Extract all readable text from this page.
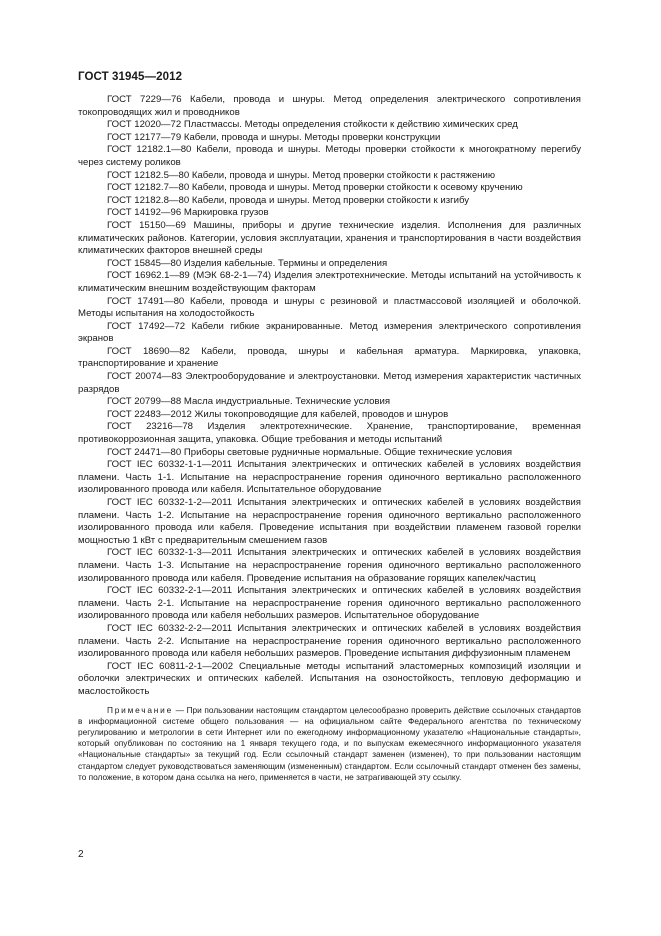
ГОСТ 31945—2012

ГОСТ 7229—76 Кабели, провода и шнуры. Метод определения электрического сопротивления токопроводящих жил и проводников

ГОСТ 12020—72 Пластмассы. Методы определения стойкости к действию химических сред

ГОСТ 12177—79 Кабели, провода и шнуры. Методы проверки конструкции

ГОСТ 12182.1—80 Кабели, провода и шнуры. Методы проверки стойкости к многократному перегибу через систему роликов

ГОСТ 12182.5—80 Кабели, провода и шнуры. Метод проверки стойкости к растяжению

ГОСТ 12182.7—80 Кабели, провода и шнуры. Метод проверки стойкости к осевому кручению

ГОСТ 12182.8—80 Кабели, провода и шнуры. Метод проверки стойкости к изгибу

ГОСТ 14192—96 Маркировка грузов

ГОСТ 15150—69 Машины, приборы и другие технические изделия. Исполнения для различных климатических районов. Категории, условия эксплуатации, хранения и транспортирования в части воздействия климатических факторов внешней среды

ГОСТ 15845—80 Изделия кабельные. Термины и определения

ГОСТ 16962.1—89 (МЭК 68-2-1—74) Изделия электротехнические. Методы испытаний на устойчивость к климатическим внешним воздействующим факторам

ГОСТ 17491—80 Кабели, провода и шнуры с резиновой и пластмассовой изоляцией и оболочкой. Методы испытания на холодостойкость

ГОСТ 17492—72 Кабели гибкие экранированные. Метод измерения электрического сопротивления экранов

ГОСТ 18690—82 Кабели, провода, шнуры и кабельная арматура. Маркировка, упаковка, транспортирование и хранение

ГОСТ 20074—83 Электрооборудование и электроустановки. Метод измерения характеристик частичных разрядов

ГОСТ 20799—88 Масла индустриальные. Технические условия

ГОСТ 22483—2012 Жилы токопроводящие для кабелей, проводов и шнуров

ГОСТ 23216—78 Изделия электротехнические. Хранение, транспортирование, временная противокоррозионная защита, упаковка. Общие требования и методы испытаний

ГОСТ 24471—80 Приборы световые рудничные нормальные. Общие технические условия

ГОСТ IEC 60332-1-1—2011 Испытания электрических и оптических кабелей в условиях воздействия пламени. Часть 1-1. Испытание на нераспространение горения одиночного вертикально расположенного изолированного провода или кабеля. Испытательное оборудование

ГОСТ IEC 60332-1-2—2011 Испытания электрических и оптических кабелей в условиях воздействия пламени. Часть 1-2. Испытание на нераспространение горения одиночного вертикально расположенного изолированного провода или кабеля. Проведение испытания при воздействии пламенем газовой горелки мощностью 1 кВт с предварительным смешением газов

ГОСТ IEC 60332-1-3—2011 Испытания электрических и оптических кабелей в условиях воздействия пламени. Часть 1-3. Испытание на нераспространение горения одиночного вертикально расположенного изолированного провода или кабеля. Проведение испытания на образование горящих капелек/частиц

ГОСТ IEC 60332-2-1—2011 Испытания электрических и оптических кабелей в условиях воздействия пламени. Часть 2-1. Испытание на нераспространение горения одиночного вертикально расположенного изолированного провода или кабеля небольших размеров. Испытательное оборудование

ГОСТ IEC 60332-2-2—2011 Испытания электрических и оптических кабелей в условиях воздействия пламени. Часть 2-2. Испытание на нераспространение горения одиночного вертикально расположенного изолированного провода или кабеля небольших размеров. Проведение испытания диффузионным пламенем

ГОСТ IEC 60811-2-1—2002 Специальные методы испытаний эластомерных композиций изоляции и оболочки электрических и оптических кабелей. Испытания на озоностойкость, тепловую деформацию и маслостойкость

Примечание — При пользовании настоящим стандартом целесообразно проверить действие ссылочных стандартов в информационной системе общего пользования — на официальном сайте Федерального агентства по техническому регулированию и метрологии в сети Интернет или по ежегодному информационному указателю «Национальные стандарты», который опубликован по состоянию на 1 января текущего года, и по выпускам ежемесячного информационного указателя «Национальные стандарты» за текущий год. Если ссылочный стандарт заменен (изменен), то при пользовании настоящим стандартом следует руководствоваться заменяющим (измененным) стандартом. Если ссылочный стандарт отменен без замены, то положение, в котором дана ссылка на него, применяется в части, не затрагивающей эту ссылку.

2
